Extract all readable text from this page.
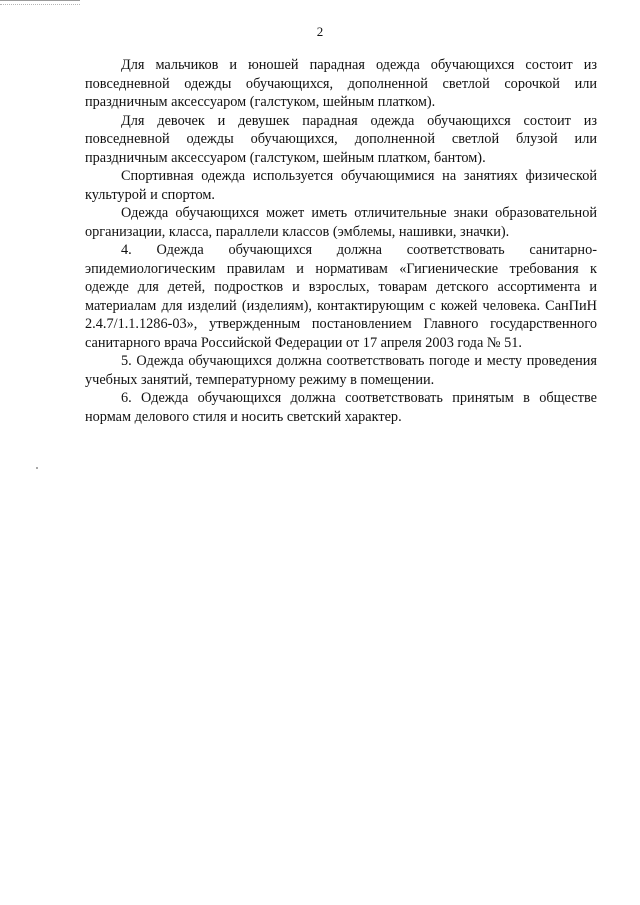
2

Для мальчиков и юношей парадная одежда обучающихся состоит из повседневной одежды обучающихся, дополненной светлой сорочкой или праздничным аксессуаром (галстуком, шейным платком).

Для девочек и девушек парадная одежда обучающихся состоит из повседневной одежды обучающихся, дополненной светлой блузой или праздничным аксессуаром (галстуком, шейным платком, бантом).

Спортивная одежда используется обучающимися на занятиях физической культурой и спортом.

Одежда обучающихся может иметь отличительные знаки образовательной организации, класса, параллели классов (эмблемы, нашивки, значки).

4. Одежда обучающихся должна соответствовать санитарно-эпидемиологическим правилам и нормативам «Гигиенические требования к одежде для детей, подростков и взрослых, товарам детского ассортимента и материалам для изделий (изделиям), контактирующим с кожей человека. СанПиН 2.4.7/1.1.1286-03», утвержденным постановлением Главного государственного санитарного врача Российской Федерации от 17 апреля 2003 года № 51.

5. Одежда обучающихся должна соответствовать погоде и месту проведения учебных занятий, температурному режиму в помещении.

6. Одежда обучающихся должна соответствовать принятым в обществе нормам делового стиля и носить светский характер.
